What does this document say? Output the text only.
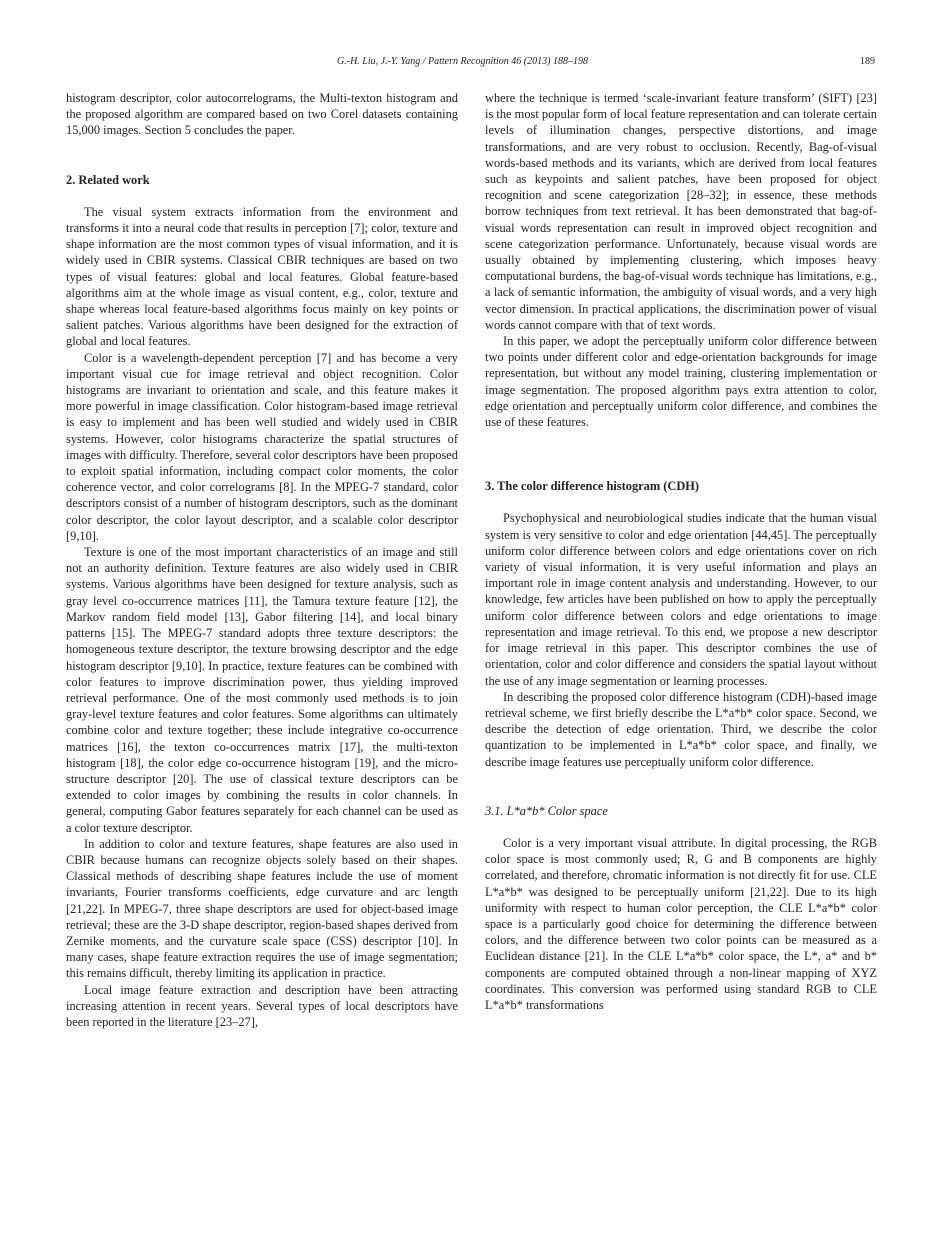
G.-H. Liu, J.-Y. Yang / Pattern Recognition 46 (2013) 188–198	189

histogram descriptor, color autocorrelograms, the Multi-texton histogram and the proposed algorithm are compared based on two Corel datasets containing 15,000 images. Section 5 concludes the paper.

2. Related work

The visual system extracts information from the environment and transforms it into a neural code that results in perception [7]; color, texture and shape information are the most common types of visual information, and it is widely used in CBIR systems. Classical CBIR techniques are based on two types of visual features: global and local features. Global feature-based algorithms aim at the whole image as visual content, e.g., color, texture and shape whereas local feature-based algorithms focus mainly on key points or salient patches. Various algorithms have been designed for the extraction of global and local features.

Color is a wavelength-dependent perception [7] and has become a very important visual cue for image retrieval and object recognition. Color histograms are invariant to orientation and scale, and this feature makes it more powerful in image classification. Color histogram-based image retrieval is easy to implement and has been well studied and widely used in CBIR systems. However, color histograms characterize the spatial structures of images with difficulty. Therefore, several color descriptors have been proposed to exploit spatial information, including compact color moments, the color coherence vector, and color correlograms [8]. In the MPEG-7 standard, color descriptors consist of a number of histogram descriptors, such as the dominant color descriptor, the color layout descriptor, and a scalable color descriptor [9,10].

Texture is one of the most important characteristics of an image and still not an authority definition. Texture features are also widely used in CBIR systems. Various algorithms have been designed for texture analysis, such as gray level co-occurrence matrices [11], the Tamura texture feature [12], the Markov random field model [13], Gabor filtering [14], and local binary patterns [15]. The MPEG-7 standard adopts three texture descriptors: the homogeneous texture descriptor, the texture browsing descriptor and the edge histogram descriptor [9,10]. In practice, texture features can be combined with color features to improve discrimination power, thus yielding improved retrieval performance. One of the most commonly used methods is to join gray-level texture features and color features. Some algorithms can ultimately combine color and texture together; these include integrative co-occurrence matrices [16], the texton co-occurrences matrix [17], the multi-texton histogram [18], the color edge co-occurrence histogram [19], and the micro-structure descriptor [20]. The use of classical texture descriptors can be extended to color images by combining the results in color channels. In general, computing Gabor features separately for each channel can be used as a color texture descriptor.

In addition to color and texture features, shape features are also used in CBIR because humans can recognize objects solely based on their shapes. Classical methods of describing shape features include the use of moment invariants, Fourier transforms coefficients, edge curvature and arc length [21,22]. In MPEG-7, three shape descriptors are used for object-based image retrieval; these are the 3-D shape descriptor, region-based shapes derived from Zernike moments, and the curvature scale space (CSS) descriptor [10]. In many cases, shape feature extraction requires the use of image segmentation; this remains difficult, thereby limiting its application in practice.

Local image feature extraction and description have been attracting increasing attention in recent years. Several types of local descriptors have been reported in the literature [23–27],

where the technique is termed ‘scale-invariant feature transform’ (SIFT) [23] is the most popular form of local feature representation and can tolerate certain levels of illumination changes, perspective distortions, and image transformations, and are very robust to occlusion. Recently, Bag-of-visual words-based methods and its variants, which are derived from local features such as keypoints and salient patches, have been proposed for object recognition and scene categorization [28–32]; in essence, these methods borrow techniques from text retrieval. It has been demonstrated that bag-of-visual words representation can result in improved object recognition and scene categorization performance. Unfortunately, because visual words are usually obtained by implementing clustering, which imposes heavy computational burdens, the bag-of-visual words technique has limitations, e.g., a lack of semantic information, the ambiguity of visual words, and a very high vector dimension. In practical applications, the discrimination power of visual words cannot compare with that of text words.

In this paper, we adopt the perceptually uniform color difference between two points under different color and edge-orientation backgrounds for image representation, but without any model training, clustering implementation or image segmentation. The proposed algorithm pays extra attention to color, edge orientation and perceptually uniform color difference, and combines the use of these features.

3. The color difference histogram (CDH)

Psychophysical and neurobiological studies indicate that the human visual system is very sensitive to color and edge orientation [44,45]. The perceptually uniform color difference between colors and edge orientations cover on rich variety of visual information, it is very useful information and plays an important role in image content analysis and understanding. However, to our knowledge, few articles have been published on how to apply the perceptually uniform color difference between colors and edge orientations to image representation and image retrieval. To this end, we propose a new descriptor for image retrieval in this paper. This descriptor combines the use of orientation, color and color difference and considers the spatial layout without the use of any image segmentation or learning processes.

In describing the proposed color difference histogram (CDH)-based image retrieval scheme, we first briefly describe the L*a*b* color space. Second, we describe the detection of edge orientation. Third, we describe the color quantization to be implemented in L*a*b* color space, and finally, we describe image features use perceptually uniform color difference.

3.1. L*a*b* Color space

Color is a very important visual attribute. In digital processing, the RGB color space is most commonly used; R, G and B components are highly correlated, and therefore, chromatic information is not directly fit for use. CLE L*a*b* was designed to be perceptually uniform [21,22]. Due to its high uniformity with respect to human color perception, the CLE L*a*b* color space is a particularly good choice for determining the difference between colors, and the difference between two color points can be measured as a Euclidean distance [21]. In the CLE L*a*b* color space, the L*, a* and b* components are computed obtained through a non-linear mapping of XYZ coordinates. This conversion was performed using standard RGB to CLE L*a*b* transformations
